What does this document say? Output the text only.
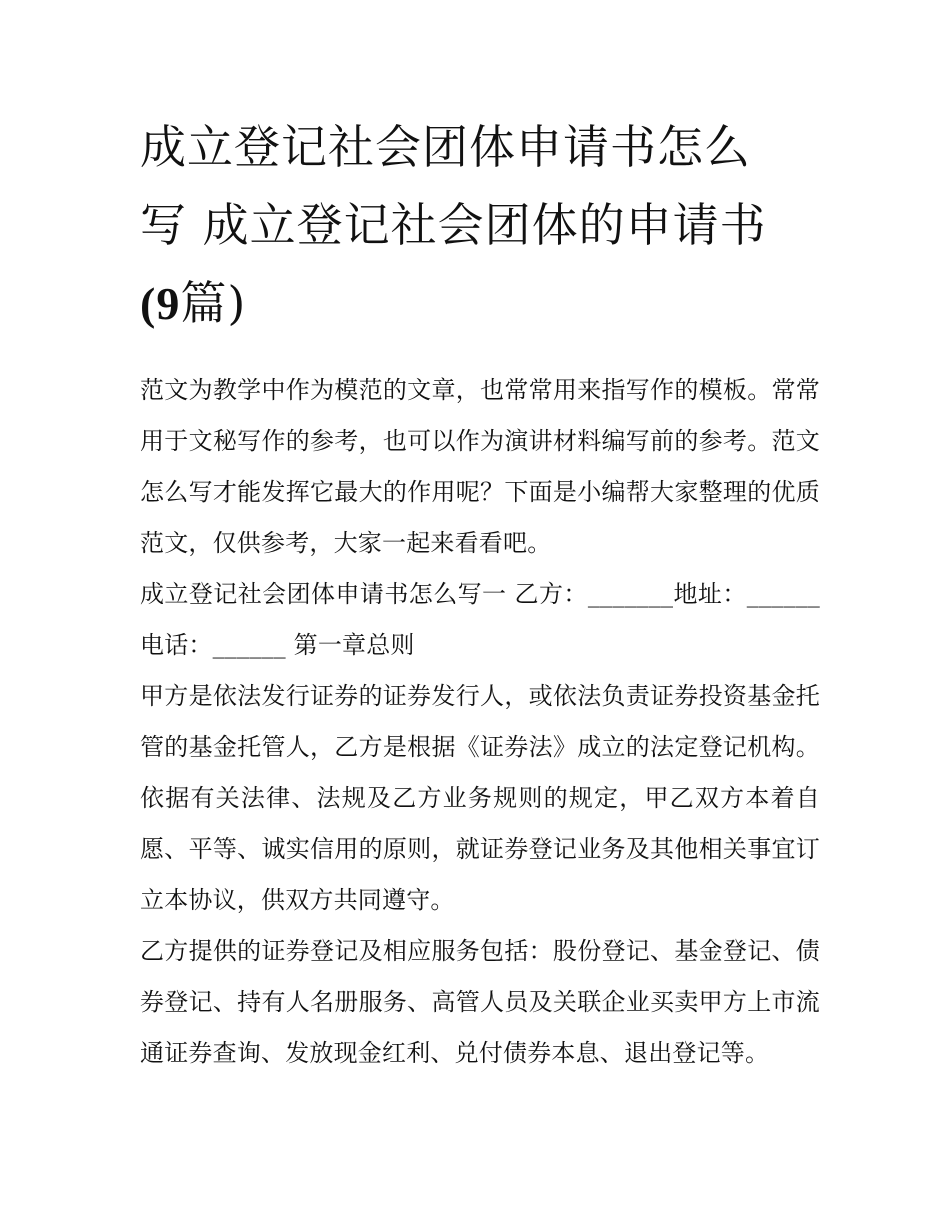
成立登记社会团体申请书怎么
写 成立登记社会团体的申请书
(9篇)

范文为教学中作为模范的文章，也常常用来指写作的模板。常常用于文秘写作的参考，也可以作为演讲材料编写前的参考。范文怎么写才能发挥它最大的作用呢？下面是小编帮大家整理的优质范文，仅供参考，大家一起来看看吧。

成立登记社会团体申请书怎么写一 乙方：_______地址：______电话：______ 第一章总则

甲方是依法发行证券的证券发行人，或依法负责证券投资基金托管的基金托管人，乙方是根据《证券法》成立的法定登记机构。依据有关法律、法规及乙方业务规则的规定，甲乙双方本着自愿、平等、诚实信用的原则，就证券登记业务及其他相关事宜订立本协议，供双方共同遵守。

乙方提供的证券登记及相应服务包括：股份登记、基金登记、债券登记、持有人名册服务、高管人员及关联企业买卖甲方上市流通证券查询、发放现金红利、兑付债券本息、退出登记等。
